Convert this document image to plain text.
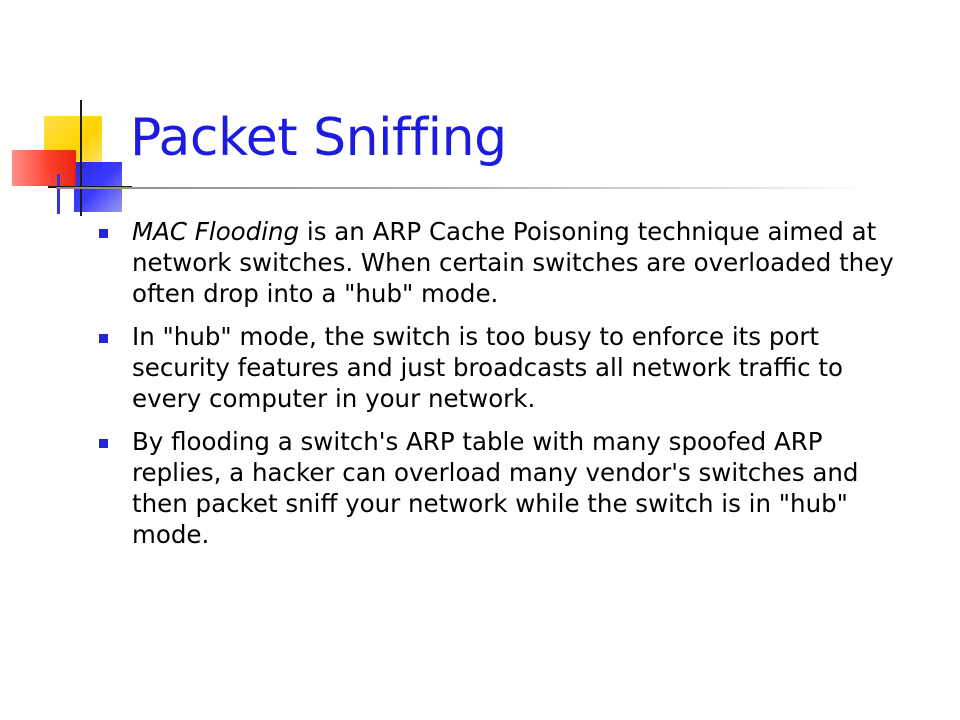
Packet Sniffing
MAC Flooding is an ARP Cache Poisoning technique aimed at network switches. When certain switches are overloaded they often drop into a "hub" mode.
In "hub" mode, the switch is too busy to enforce its port security features and just broadcasts all network traffic to every computer in your network.
By flooding a switch's ARP table with many spoofed ARP replies, a hacker can overload many vendor's switches and then packet sniff your network while the switch is in "hub" mode.
